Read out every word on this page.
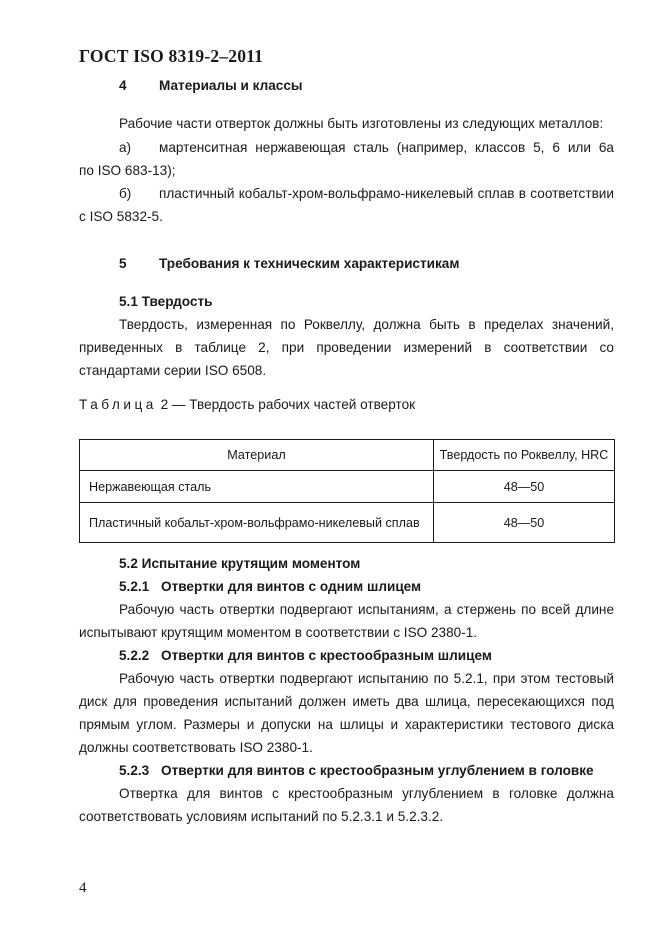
ГОСТ ISO 8319-2–2011
4 Материалы и классы
Рабочие части отверток должны быть изготовлены из следующих металлов:
а) мартенситная нержавеющая сталь (например, классов 5, 6 или 6а
по ISO 683-13);
б) пластичный кобальт-хром-вольфрамо-никелевый сплав в соответствии
с ISO 5832-5.
5 Требования к техническим характеристикам
5.1 Твердость
Твердость, измеренная по Роквеллу, должна быть в пределах значений,
приведенных в таблице 2, при проведении измерений в соответствии со
стандартами серии ISO 6508.
Таблица 2 — Твердость рабочих частей отверток
Материал	Твердость по Роквеллу, HRC
Нержавеющая сталь	48—50
Пластичный кобальт-хром-вольфрамо-никелевый сплав	48—50
5.2 Испытание крутящим моментом
5.2.1 Отвертки для винтов с одним шлицем
Рабочую часть отвертки подвергают испытаниям, а стержень по всей длине
испытывают крутящим моментом в соответствии с ISO 2380-1.
5.2.2 Отвертки для винтов с крестообразным шлицем
Рабочую часть отвертки подвергают испытанию по 5.2.1, при этом тестовый
диск для проведения испытаний должен иметь два шлица, пересекающихся под
прямым углом. Размеры и допуски на шлицы и характеристики тестового диска
должны соответствовать ISO 2380-1.
5.2.3 Отвертки для винтов с крестообразным углублением в головке
Отвертка для винтов с крестообразным углублением в головке должна
соответствовать условиям испытаний по 5.2.3.1 и 5.2.3.2.
4
